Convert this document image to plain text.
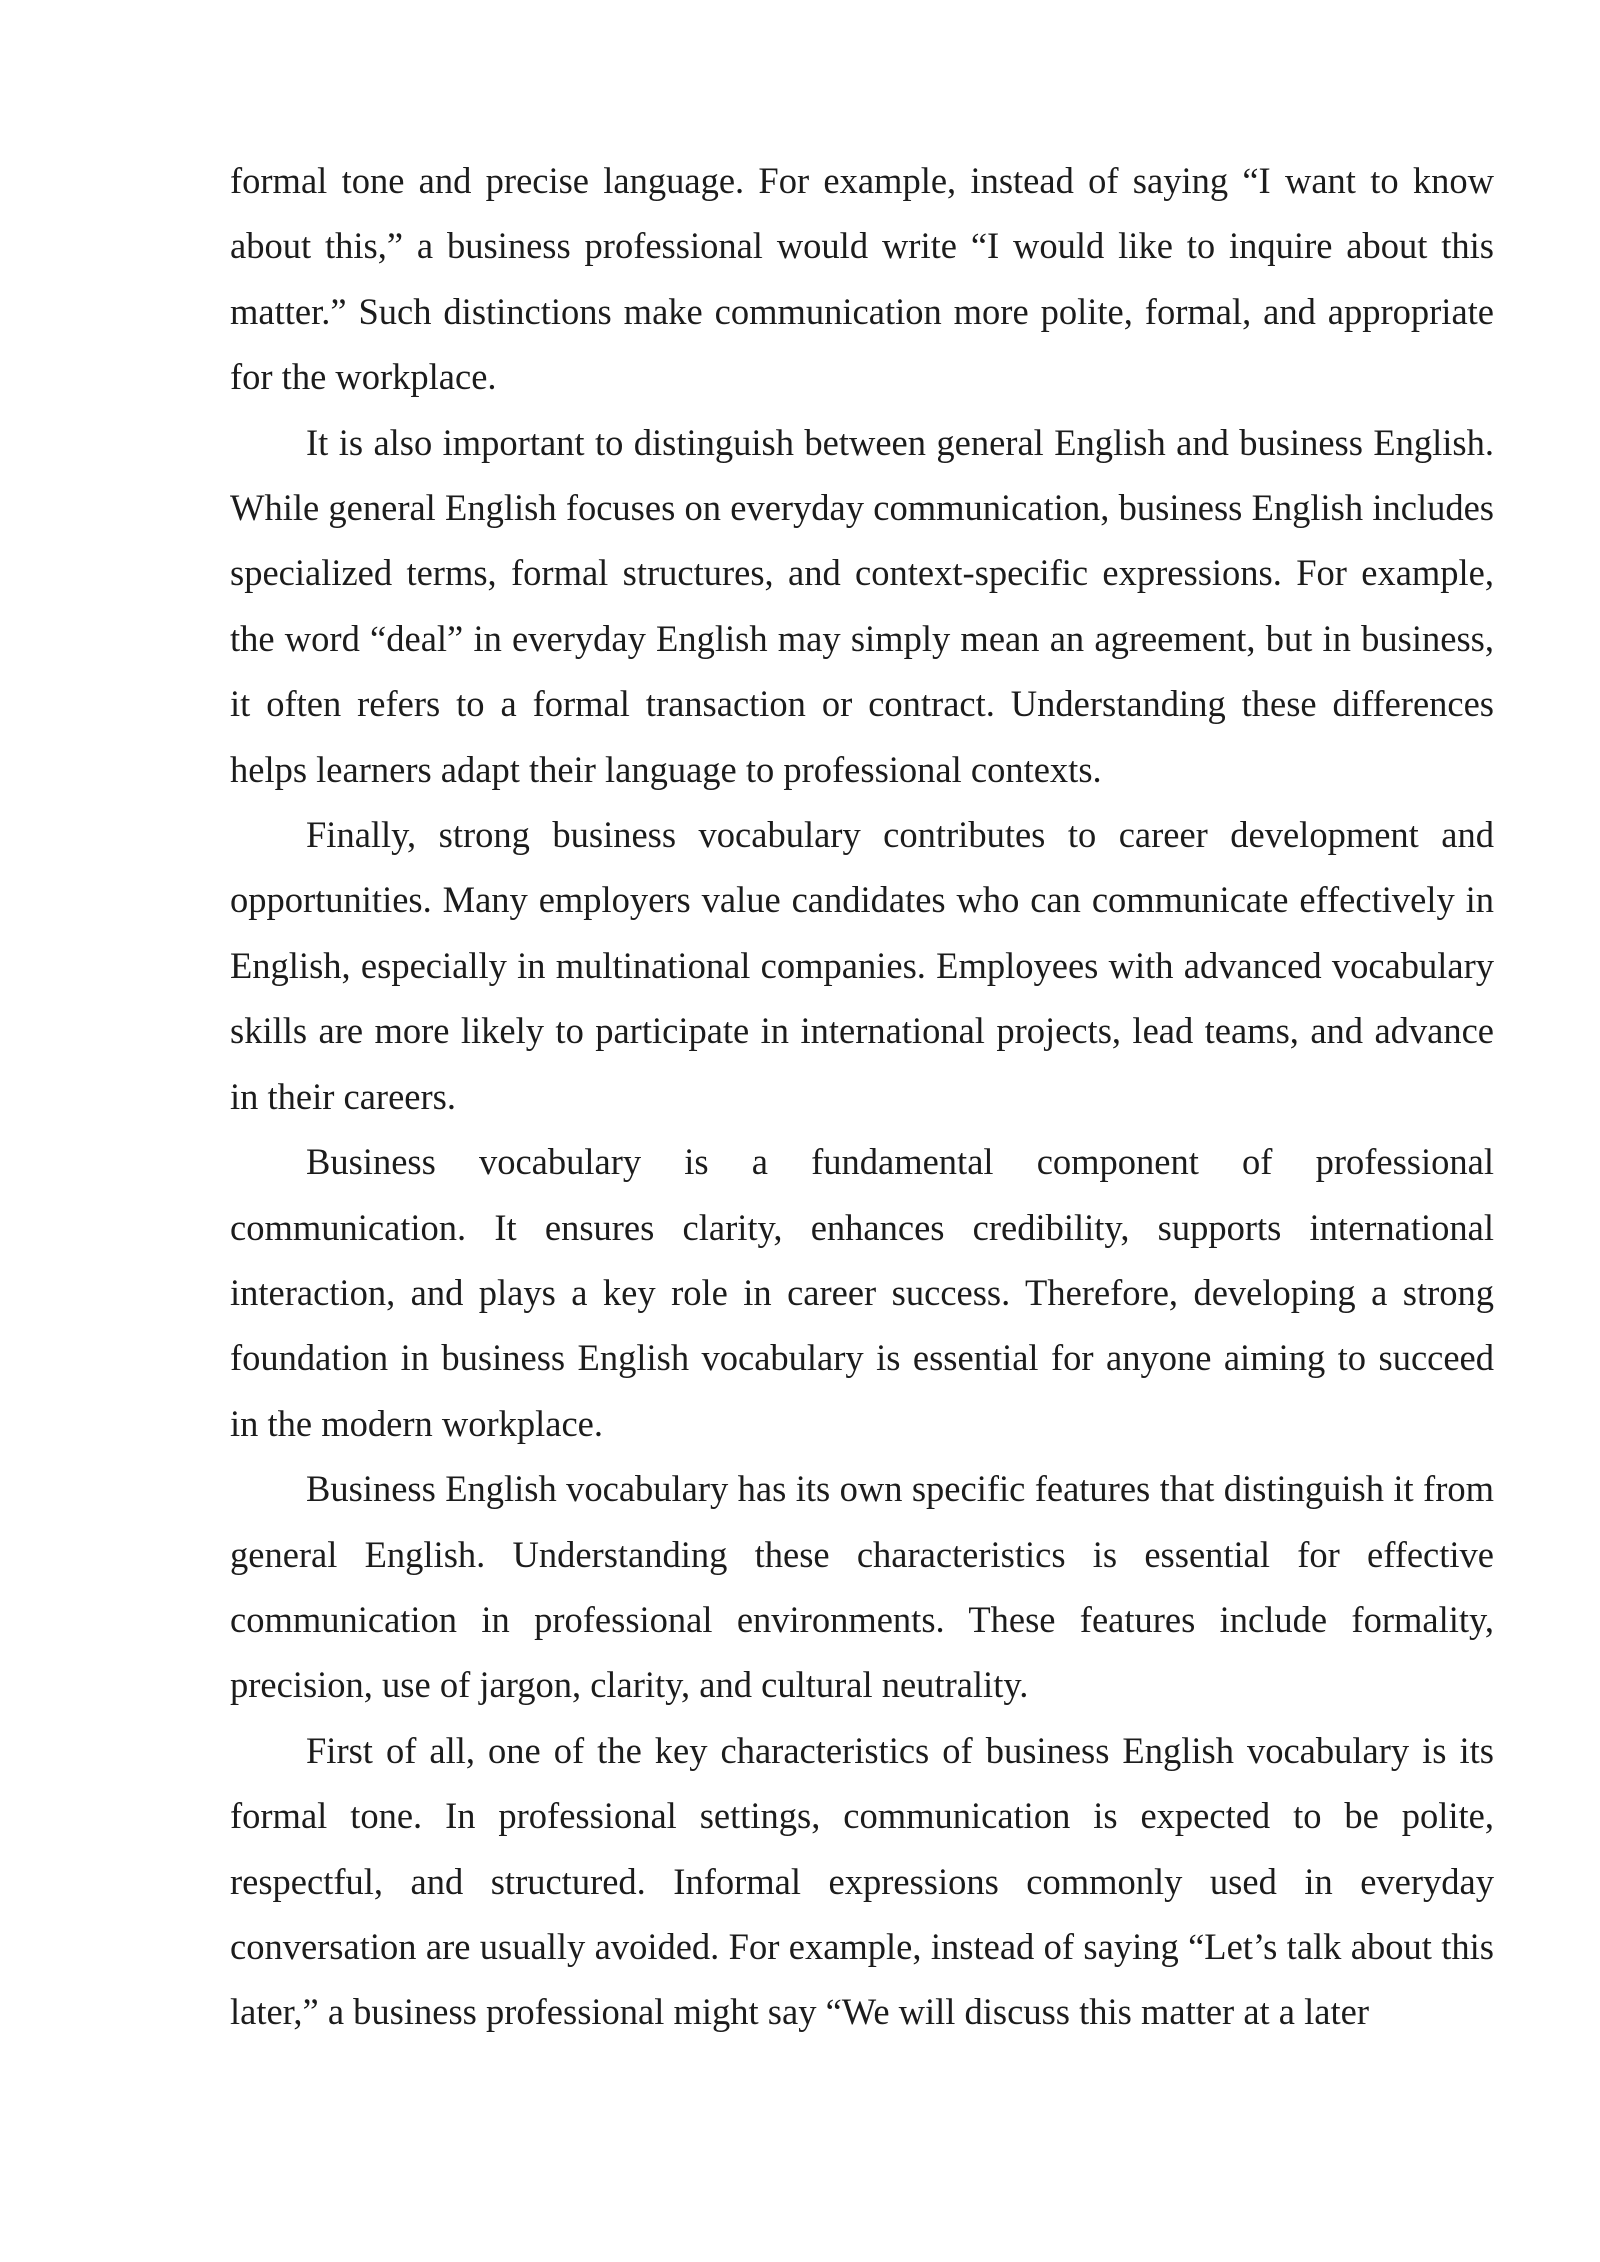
formal tone and precise language. For example, instead of saying “I want to know about this,” a business professional would write “I would like to inquire about this matter.” Such distinctions make communication more polite, formal, and appropriate for the workplace.

It is also important to distinguish between general English and business English. While general English focuses on everyday communication, business English includes specialized terms, formal structures, and context-specific expressions. For example, the word “deal” in everyday English may simply mean an agreement, but in business, it often refers to a formal transaction or contract. Understanding these differences helps learners adapt their language to professional contexts.

Finally, strong business vocabulary contributes to career development and opportunities. Many employers value candidates who can communicate effectively in English, especially in multinational companies. Employees with advanced vocabulary skills are more likely to participate in international projects, lead teams, and advance in their careers.

Business vocabulary is a fundamental component of professional communication. It ensures clarity, enhances credibility, supports international interaction, and plays a key role in career success. Therefore, developing a strong foundation in business English vocabulary is essential for anyone aiming to succeed in the modern workplace.

Business English vocabulary has its own specific features that distinguish it from general English. Understanding these characteristics is essential for effective communication in professional environments. These features include formality, precision, use of jargon, clarity, and cultural neutrality.

First of all, one of the key characteristics of business English vocabulary is its formal tone. In professional settings, communication is expected to be polite, respectful, and structured. Informal expressions commonly used in everyday conversation are usually avoided. For example, instead of saying “Let’s talk about this later,” a business professional might say “We will discuss this matter at a later
